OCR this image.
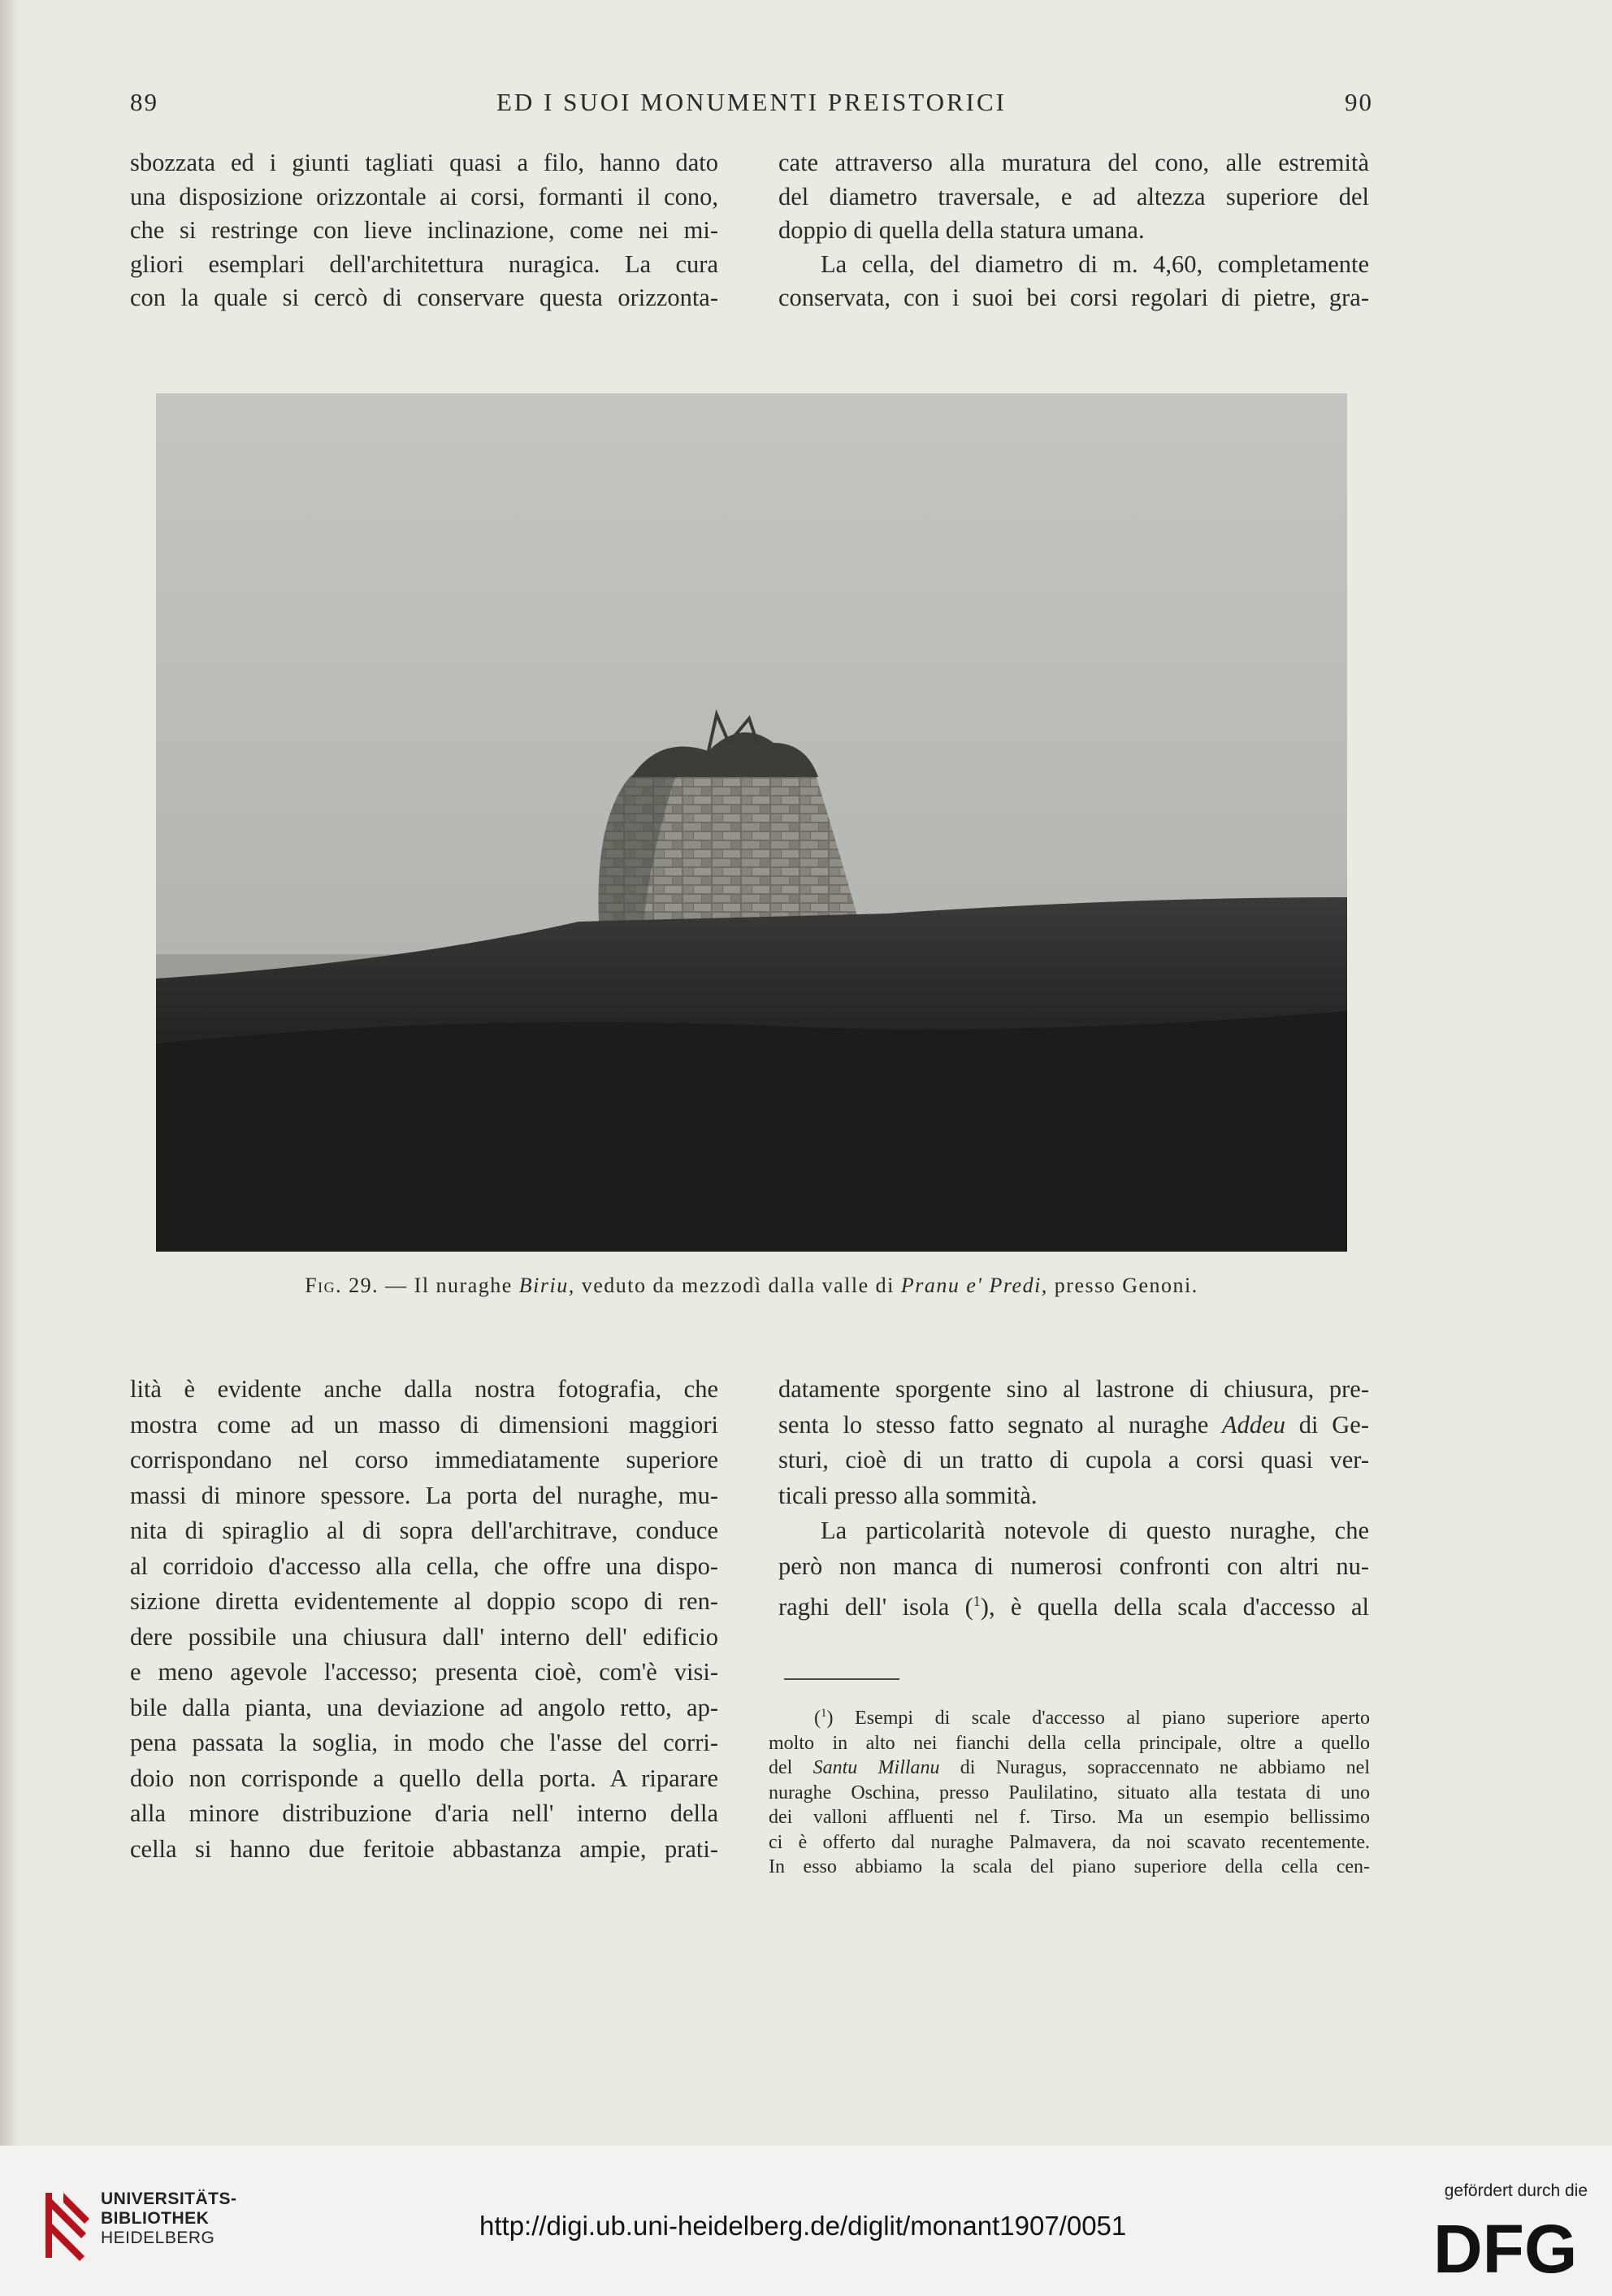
89	ED I SUOI MONUMENTI PREISTORICI	90
sbozzata ed i giunti tagliati quasi a filo, hanno dato
una disposizione orizzontale ai corsi, formanti il cono,
che si restringe con lieve inclinazione, come nei mi-
gliori esemplari dell'architettura nuragica. La cura
con la quale si cercò di conservare questa orizzonta-
cate attraverso alla muratura del cono, alle estremità
del diametro traversale, e ad altezza superiore del
doppio di quella della statura umana.
La cella, del diametro di m. 4,60, completamente
conservata, con i suoi bei corsi regolari di pietre, gra-
Fig. 29. — Il nuraghe Biriu, veduto da mezzodì dalla valle di Pranu e' Predi, presso Genoni.
lità è evidente anche dalla nostra fotografia, che
mostra come ad un masso di dimensioni maggiori
corrispondano nel corso immediatamente superiore
massi di minore spessore. La porta del nuraghe, mu-
nita di spiraglio al di sopra dell'architrave, conduce
al corridoio d'accesso alla cella, che offre una dispo-
sizione diretta evidentemente al doppio scopo di ren-
dere possibile una chiusura dall' interno dell' edificio
e meno agevole l'accesso; presenta cioè, com'è visi-
bile dalla pianta, una deviazione ad angolo retto, ap-
pena passata la soglia, in modo che l'asse del corri-
doio non corrisponde a quello della porta. A riparare
alla minore distribuzione d'aria nell' interno della
cella si hanno due feritoie abbastanza ampie, prati-
datamente sporgente sino al lastrone di chiusura, pre-
senta lo stesso fatto segnato al nuraghe Addeu di Ge-
sturi, cioè di un tratto di cupola a corsi quasi ver-
ticali presso alla sommità.
La particolarità notevole di questo nuraghe, che
però non manca di numerosi confronti con altri nu-
raghi dell' isola ($^1$), è quella della scala d'accesso al
($^1$) Esempi di scale d'accesso al piano superiore aperto
molto in alto nei fianchi della cella principale, oltre a quello
del Santu Millanu di Nuragus, sopraccennato ne abbiamo nel
nuraghe Oschina, presso Paulilatino, situato alla testata di uno
dei valloni affluenti nel f. Tirso. Ma un esempio bellissimo
ci è offerto dal nuraghe Palmavera, da noi scavato recentemente.
In esso abbiamo la scala del piano superiore della cella cen-
UNIVERSITÄTS-
BIBLIOTHEK
HEIDELBERG	http://digi.ub.uni-heidelberg.de/diglit/monant1907/0051
gefördert durch die
DFG
